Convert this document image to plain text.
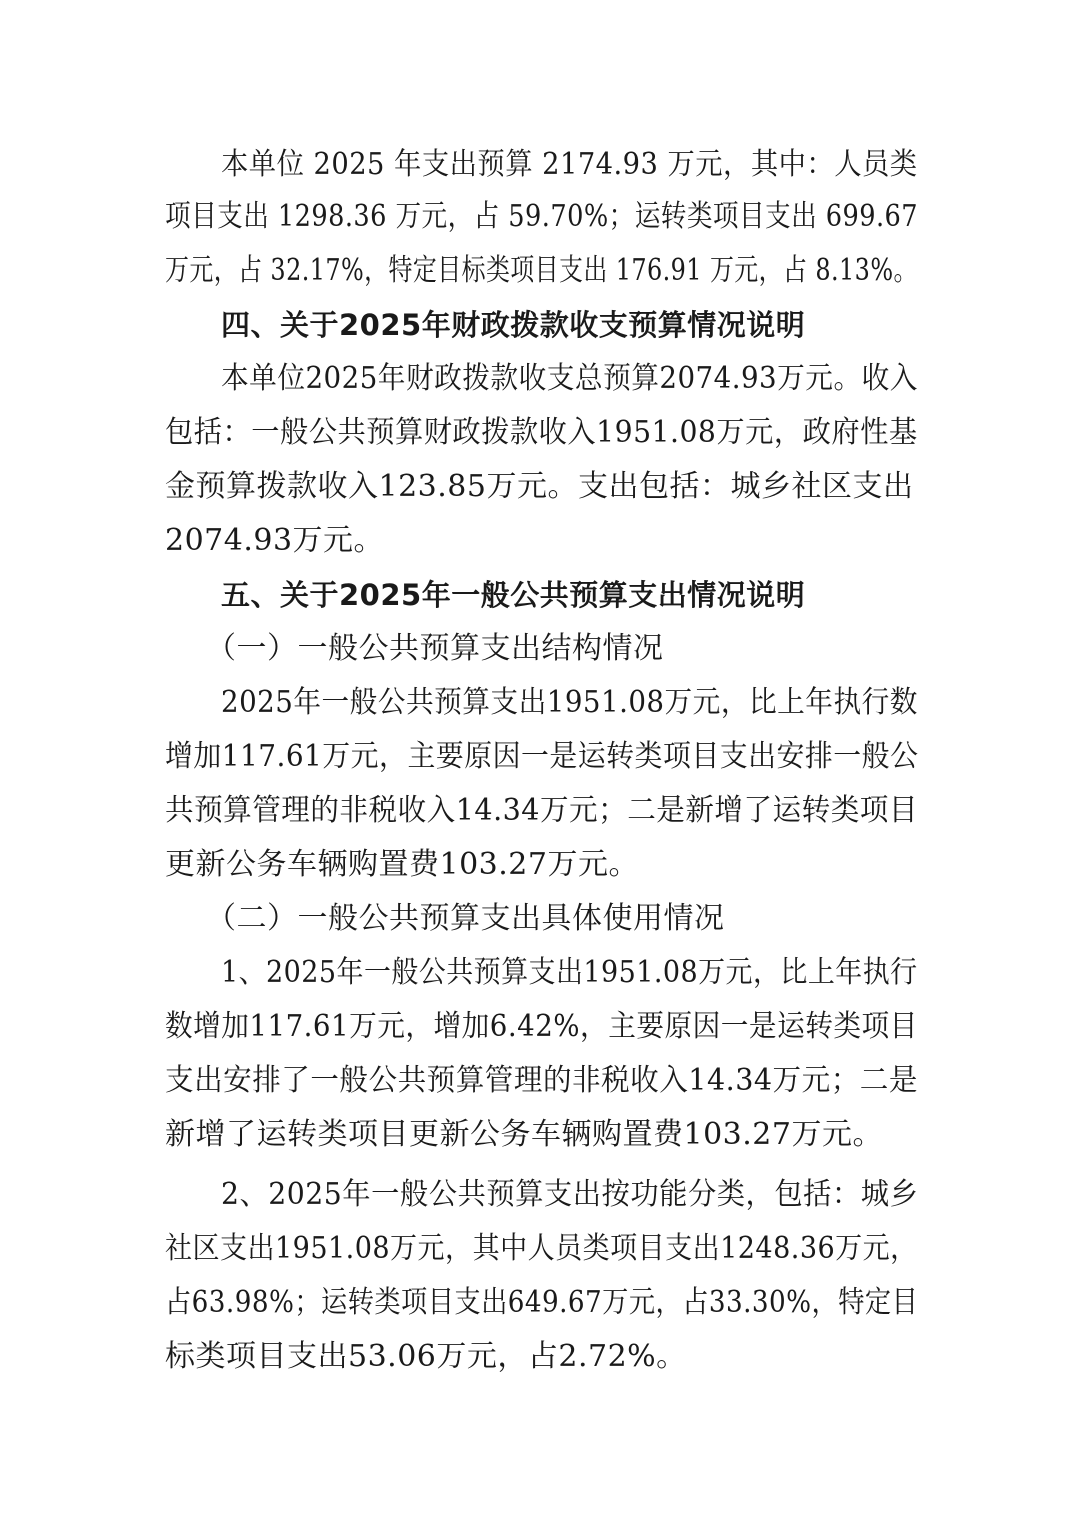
本单位 2025 年支出预算 2174.93 万元，其中：人员类
项目支出 1298.36 万元，占 59.70%；运转类项目支出 699.67
万元，占 32.17%，特定目标类项目支出 176.91 万元，占 8.13%。
四、关于2025年财政拨款收支预算情况说明
本单位2025年财政拨款收支总预算2074.93万元。收入
包括：一般公共预算财政拨款收入1951.08万元，政府性基
金预算拨款收入123.85万元。支出包括：城乡社区支出
2074.93万元。
五、关于2025年一般公共预算支出情况说明
（一）一般公共预算支出结构情况
2025年一般公共预算支出1951.08万元，比上年执行数
增加117.61万元，主要原因一是运转类项目支出安排一般公
共预算管理的非税收入14.34万元；二是新增了运转类项目
更新公务车辆购置费103.27万元。
（二）一般公共预算支出具体使用情况
1、2025年一般公共预算支出1951.08万元，比上年执行
数增加117.61万元，增加6.42%，主要原因一是运转类项目
支出安排了一般公共预算管理的非税收入14.34万元；二是
新增了运转类项目更新公务车辆购置费103.27万元。
2、2025年一般公共预算支出按功能分类，包括：城乡
社区支出1951.08万元，其中人员类项目支出1248.36万元，
占63.98%；运转类项目支出649.67万元，占33.30%，特定目
标类项目支出53.06万元，占2.72%。
